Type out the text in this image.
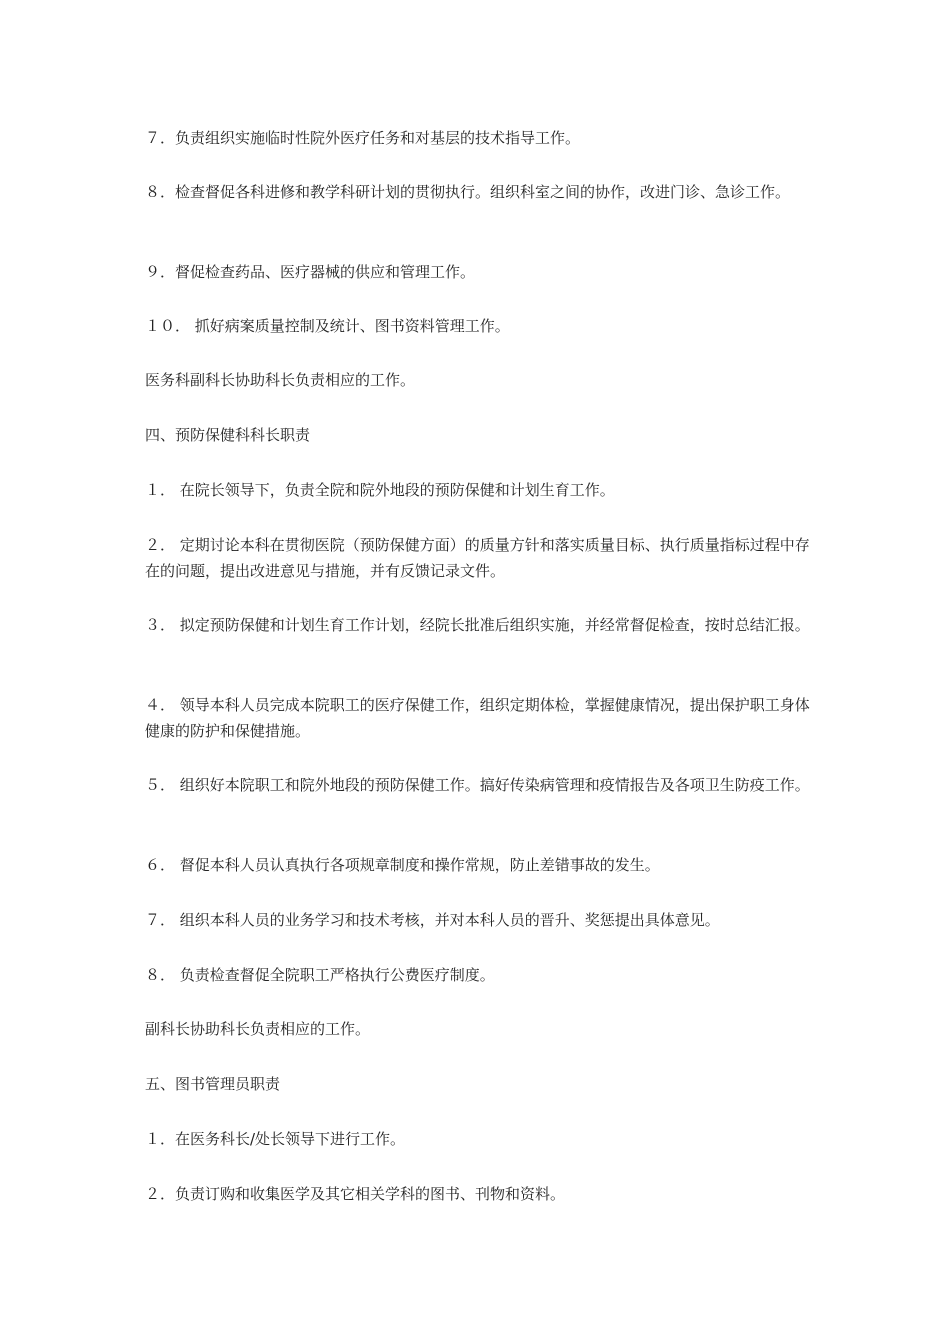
７．负责组织实施临时性院外医疗任务和对基层的技术指导工作。

８．检查督促各科进修和教学科研计划的贯彻执行。组织科室之间的协作，改进门诊、急诊工作。

９．督促检查药品、医疗器械的供应和管理工作。

１０． 抓好病案质量控制及统计、图书资料管理工作。

医务科副科长协助科长负责相应的工作。

四、预防保健科科长职责

１． 在院长领导下，负责全院和院外地段的预防保健和计划生育工作。

２． 定期讨论本科在贯彻医院（预防保健方面）的质量方针和落实质量目标、执行质量指标过程中存在的问题，提出改进意见与措施，并有反馈记录文件。

３． 拟定预防保健和计划生育工作计划，经院长批准后组织实施，并经常督促检查，按时总结汇报。

４． 领导本科人员完成本院职工的医疗保健工作，组织定期体检，掌握健康情况，提出保护职工身体健康的防护和保健措施。

５． 组织好本院职工和院外地段的预防保健工作。搞好传染病管理和疫情报告及各项卫生防疫工作。

６． 督促本科人员认真执行各项规章制度和操作常规，防止差错事故的发生。

７． 组织本科人员的业务学习和技术考核，并对本科人员的晋升、奖惩提出具体意见。

８． 负责检查督促全院职工严格执行公费医疗制度。

副科长协助科长负责相应的工作。

五、图书管理员职责

１．在医务科长/处长领导下进行工作。

２．负责订购和收集医学及其它相关学科的图书、刊物和资料。
